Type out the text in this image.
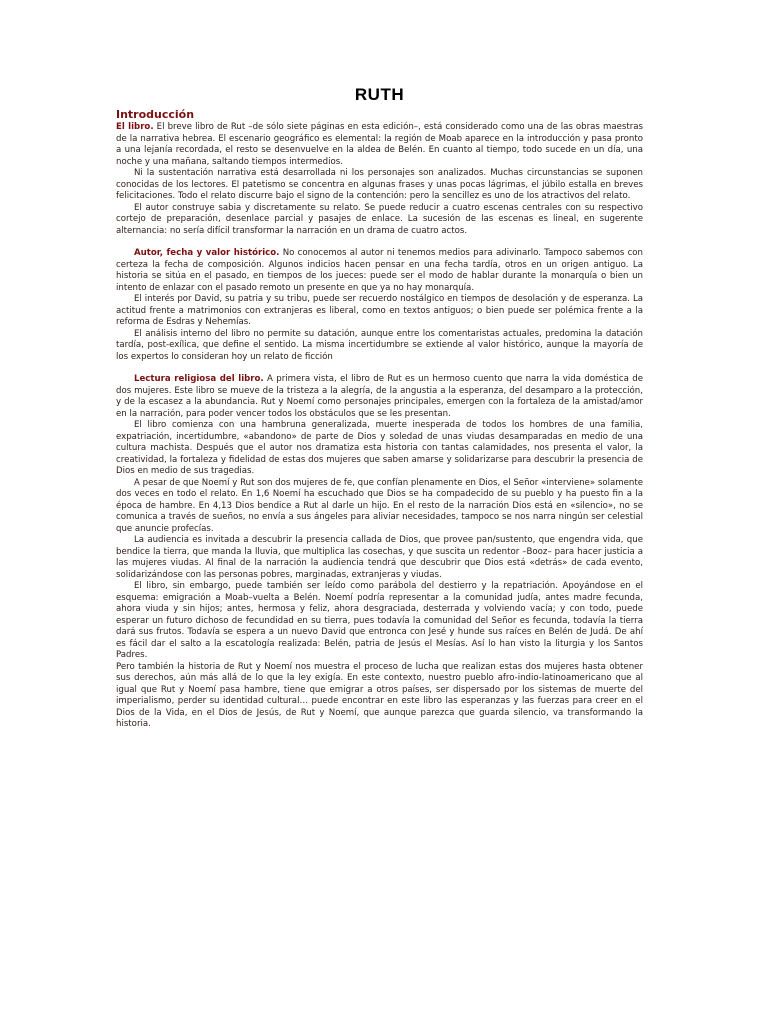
RUTH
Introducción

El libro. El breve libro de Rut –de sólo siete páginas en esta edición–, está considerado como una de las obras maestras de la narrativa hebrea. El escenario geográfico es elemental: la región de Moab aparece en la introducción y pasa pronto a una lejanía recordada, el resto se desenvuelve en la aldea de Belén. En cuanto al tiempo, todo sucede en un día, una noche y una mañana, saltando tiempos intermedios.

Ni la sustentación narrativa está desarrollada ni los personajes son analizados. Muchas circunstancias se suponen conocidas de los lectores. El patetismo se concentra en algunas frases y unas pocas lágrimas, el júbilo estalla en breves felicitaciones. Todo el relato discurre bajo el signo de la contención: pero la sencillez es uno de los atractivos del relato.

El autor construye sabia y discretamente su relato. Se puede reducir a cuatro escenas centrales con su respectivo cortejo de preparación, desenlace parcial y pasajes de enlace. La sucesión de las escenas es lineal, en sugerente alternancia: no sería difícil transformar la narración en un drama de cuatro actos.

Autor, fecha y valor histórico. No conocemos al autor ni tenemos medios para adivinarlo. Tampoco sabemos con certeza la fecha de composición. Algunos indicios hacen pensar en una fecha tardía, otros en un origen antiguo. La historia se sitúa en el pasado, en tiempos de los jueces: puede ser el modo de hablar durante la monarquía o bien un intento de enlazar con el pasado remoto un presente en que ya no hay monarquía.

El interés por David, su patria y su tribu, puede ser recuerdo nostálgico en tiempos de desolación y de esperanza. La actitud frente a matrimonios con extranjeras es liberal, como en textos antiguos; o bien puede ser polémica frente a la reforma de Esdras y Nehemías.

El análisis interno del libro no permite su datación, aunque entre los comentaristas actuales, predomina la datación tardía, post-exílica, que define el sentido. La misma incertidumbre se extiende al valor histórico, aunque la mayoría de los expertos lo consideran hoy un relato de ficción

Lectura religiosa del libro. A primera vista, el libro de Rut es un hermoso cuento que narra la vida doméstica de dos mujeres. Este libro se mueve de la tristeza a la alegría, de la angustia a la esperanza, del desamparo a la protección, y de la escasez a la abundancia. Rut y Noemí como personajes principales, emergen con la fortaleza de la amistad/amor en la narración, para poder vencer todos los obstáculos que se les presentan.

El libro comienza con una hambruna generalizada, muerte inesperada de todos los hombres de una familia, expatriación, incertidumbre, «abandono» de parte de Dios y soledad de unas viudas desamparadas en medio de una cultura machista. Después que el autor nos dramatiza esta historia con tantas calamidades, nos presenta el valor, la creatividad, la fortaleza y fidelidad de estas dos mujeres que saben amarse y solidarizarse para descubrir la presencia de Dios en medio de sus tragedias.

A pesar de que Noemí y Rut son dos mujeres de fe, que confían plenamente en Dios, el Señor «interviene» solamente dos veces en todo el relato. En 1,6 Noemí ha escuchado que Dios se ha compadecido de su pueblo y ha puesto fin a la época de hambre. En 4,13 Dios bendice a Rut al darle un hijo. En el resto de la narración Dios está en «silencio», no se comunica a través de sueños, no envía a sus ángeles para aliviar necesidades, tampoco se nos narra ningún ser celestial que anuncie profecías.

La audiencia es invitada a descubrir la presencia callada de Dios, que provee pan/sustento, que engendra vida, que bendice la tierra, que manda la lluvia, que multiplica las cosechas, y que suscita un redentor –Booz– para hacer justicia a las mujeres viudas. Al final de la narración la audiencia tendrá que descubrir que Dios está «detrás» de cada evento, solidarizándose con las personas pobres, marginadas, extranjeras y viudas.

El libro, sin embargo, puede también ser leído como parábola del destierro y la repatriación. Apoyándose en el esquema: emigración a Moab–vuelta a Belén. Noemí podría representar a la comunidad judía, antes madre fecunda, ahora viuda y sin hijos; antes, hermosa y feliz, ahora desgraciada, desterrada y volviendo vacía; y con todo, puede esperar un futuro dichoso de fecundidad en su tierra, pues todavía la comunidad del Señor es fecunda, todavía la tierra dará sus frutos. Todavía se espera a un nuevo David que entronca con Jesé y hunde sus raíces en Belén de Judá. De ahí es fácil dar el salto a la escatología realizada: Belén, patria de Jesús el Mesías. Así lo han visto la liturgia y los Santos Padres.

Pero también la historia de Rut y Noemí nos muestra el proceso de lucha que realizan estas dos mujeres hasta obtener sus derechos, aún más allá de lo que la ley exigía. En este contexto, nuestro pueblo afro-indio-latinoamericano que al igual que Rut y Noemí pasa hambre, tiene que emigrar a otros países, ser dispersado por los sistemas de muerte del imperialismo, perder su identidad cultural… puede encontrar en este libro las esperanzas y las fuerzas para creer en el Dios de la Vida, en el Dios de Jesús, de Rut y Noemí, que aunque parezca que guarda silencio, va transformando la historia.
